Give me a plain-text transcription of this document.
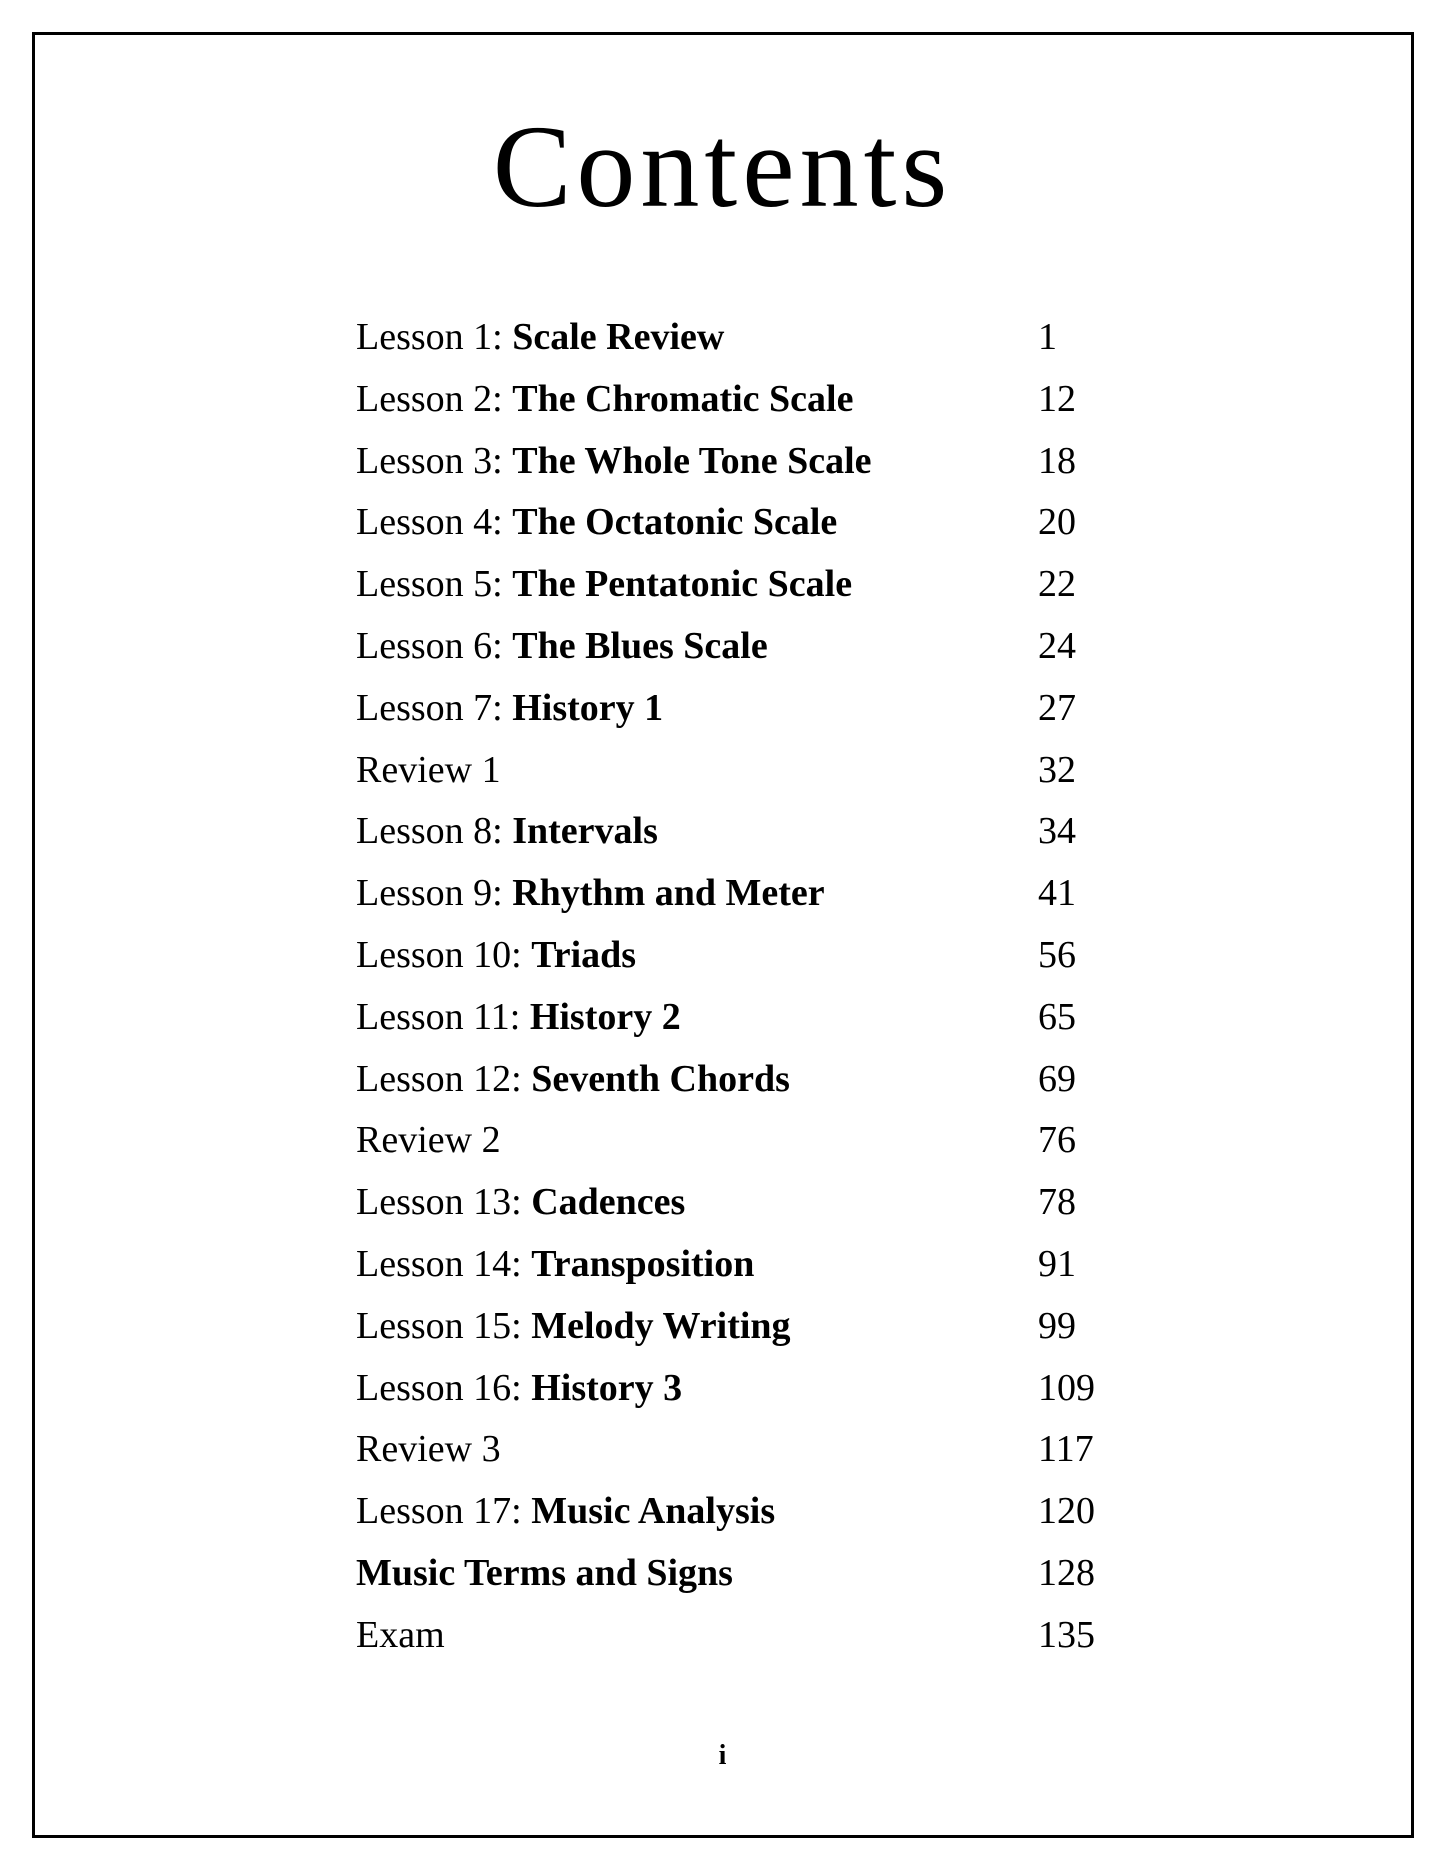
Contents
Lesson 1: Scale Review	1
Lesson 2: The Chromatic Scale	12
Lesson 3: The Whole Tone Scale	18
Lesson 4: The Octatonic Scale	20
Lesson 5: The Pentatonic Scale	22
Lesson 6: The Blues Scale	24
Lesson 7: History 1	27
Review 1	32
Lesson 8: Intervals	34
Lesson 9: Rhythm and Meter	41
Lesson 10: Triads	56
Lesson 11: History 2	65
Lesson 12: Seventh Chords	69
Review 2	76
Lesson 13: Cadences	78
Lesson 14: Transposition	91
Lesson 15: Melody Writing	99
Lesson 16: History 3	109
Review 3	117
Lesson 17: Music Analysis	120
Music Terms and Signs	128
Exam	135
i
